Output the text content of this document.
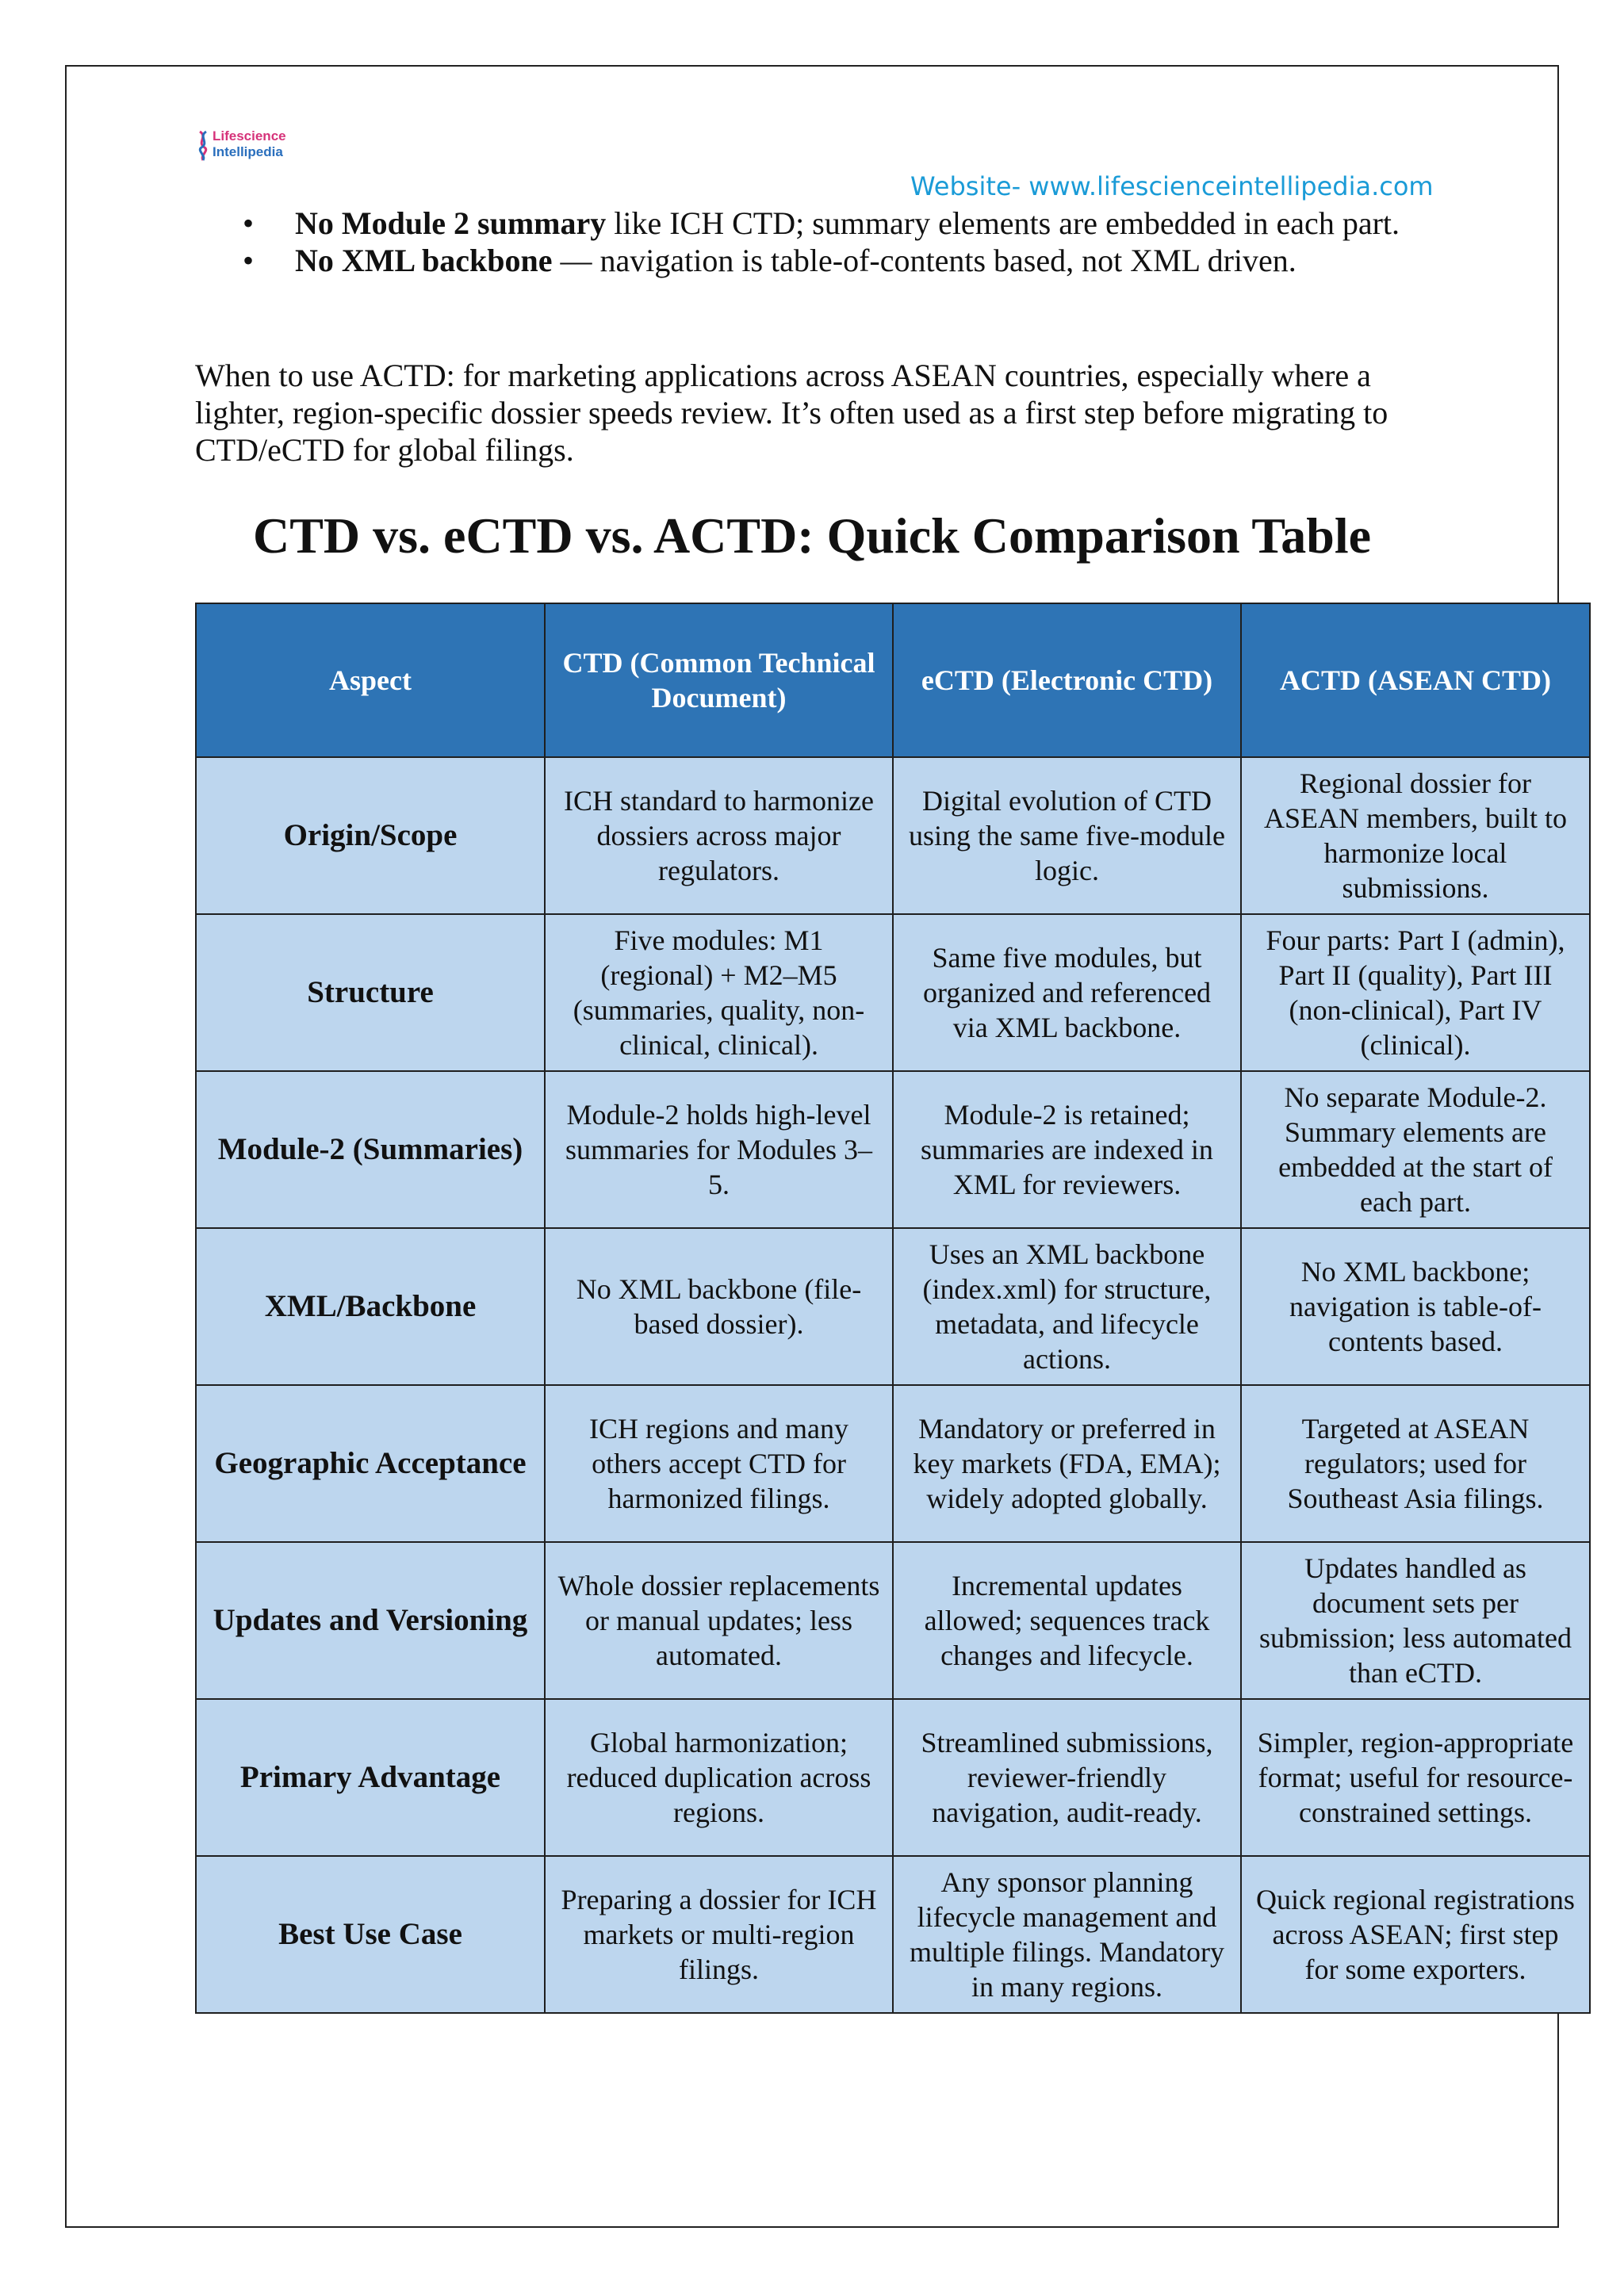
Lifescience
Intellipedia
Website- www.lifescienceintellipedia.com
• No Module 2 summary like ICH CTD; summary elements are embedded in each part.
• No XML backbone — navigation is table-of-contents based, not XML driven.

When to use ACTD: for marketing applications across ASEAN countries, especially where a lighter, region-specific dossier speeds review. It’s often used as a first step before migrating to CTD/eCTD for global filings.

CTD vs. eCTD vs. ACTD: Quick Comparison Table
Aspect	CTD (Common Technical Document)	eCTD (Electronic CTD)	ACTD (ASEAN CTD)
Origin/Scope	ICH standard to harmonize dossiers across major regulators.	Digital evolution of CTD using the same five-module logic.	Regional dossier for ASEAN members, built to harmonize local submissions.
Structure	Five modules: M1 (regional) + M2–M5 (summaries, quality, non-clinical, clinical).	Same five modules, but organized and referenced via XML backbone.	Four parts: Part I (admin), Part II (quality), Part III (non-clinical), Part IV (clinical).
Module-2 (Summaries)	Module-2 holds high-level summaries for Modules 3–5.	Module-2 is retained; summaries are indexed in XML for reviewers.	No separate Module-2. Summary elements are embedded at the start of each part.
XML/Backbone	No XML backbone (file-based dossier).	Uses an XML backbone (index.xml) for structure, metadata, and lifecycle actions.	No XML backbone; navigation is table-of-contents based.
Geographic Acceptance	ICH regions and many others accept CTD for harmonized filings.	Mandatory or preferred in key markets (FDA, EMA); widely adopted globally.	Targeted at ASEAN regulators; used for Southeast Asia filings.
Updates and Versioning	Whole dossier replacements or manual updates; less automated.	Incremental updates allowed; sequences track changes and lifecycle.	Updates handled as document sets per submission; less automated than eCTD.
Primary Advantage	Global harmonization; reduced duplication across regions.	Streamlined submissions, reviewer-friendly navigation, audit-ready.	Simpler, region-appropriate format; useful for resource-constrained settings.
Best Use Case	Preparing a dossier for ICH markets or multi-region filings.	Any sponsor planning lifecycle management and multiple filings. Mandatory in many regions.	Quick regional registrations across ASEAN; first step for some exporters.
